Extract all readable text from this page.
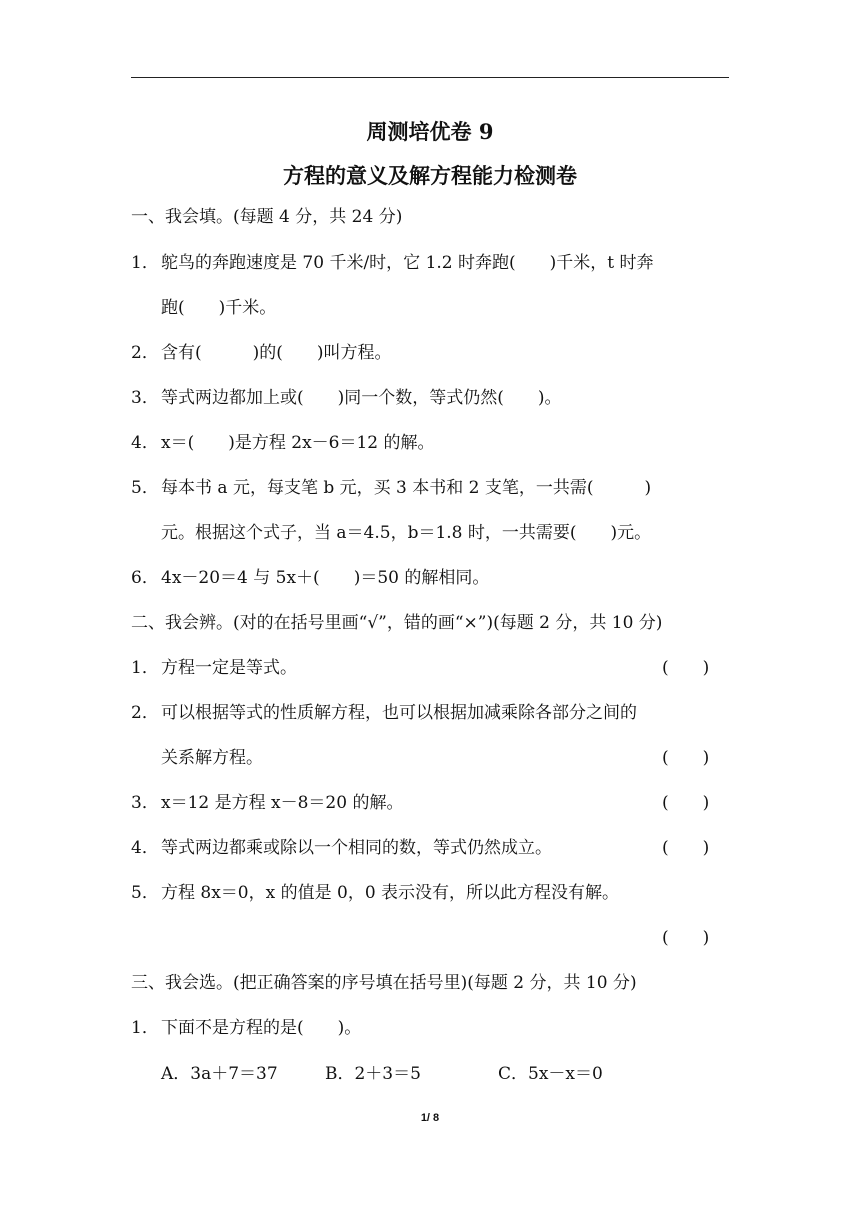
周测培优卷 9
方程的意义及解方程能力检测卷
一、我会填。(每题 4 分，共 24 分)
1． 鸵鸟的奔跑速度是 70 千米/时，它 1.2 时奔跑(　　)千米，t 时奔
跑(　　)千米。
2． 含有(　　　)的(　　)叫方程。
3． 等式两边都加上或(　　)同一个数，等式仍然(　　)。
4． x＝(　　)是方程 2x－6＝12 的解。
5． 每本书 a 元，每支笔 b 元，买 3 本书和 2 支笔，一共需(　　　)
元。根据这个式子，当 a＝4.5，b＝1.8 时，一共需要(　　)元。
6． 4x－20＝4 与 5x＋(　　)＝50 的解相同。
二、我会辨。(对的在括号里画“√”，错的画“×”)(每题 2 分，共 10 分)
1． 方程一定是等式。	(　　)
2． 可以根据等式的性质解方程，也可以根据加减乘除各部分之间的
关系解方程。	(　　)
3． x＝12 是方程 x－8＝20 的解。	(　　)
4． 等式两边都乘或除以一个相同的数，等式仍然成立。	(　　)
5． 方程 8x＝0，x 的值是 0，0 表示没有，所以此方程没有解。
(　　)
三、我会选。(把正确答案的序号填在括号里)(每题 2 分，共 10 分)
1． 下面不是方程的是(　　)。
A．3a＋7＝37	B．2＋3＝5	C．5x－x＝0
1/ 8
